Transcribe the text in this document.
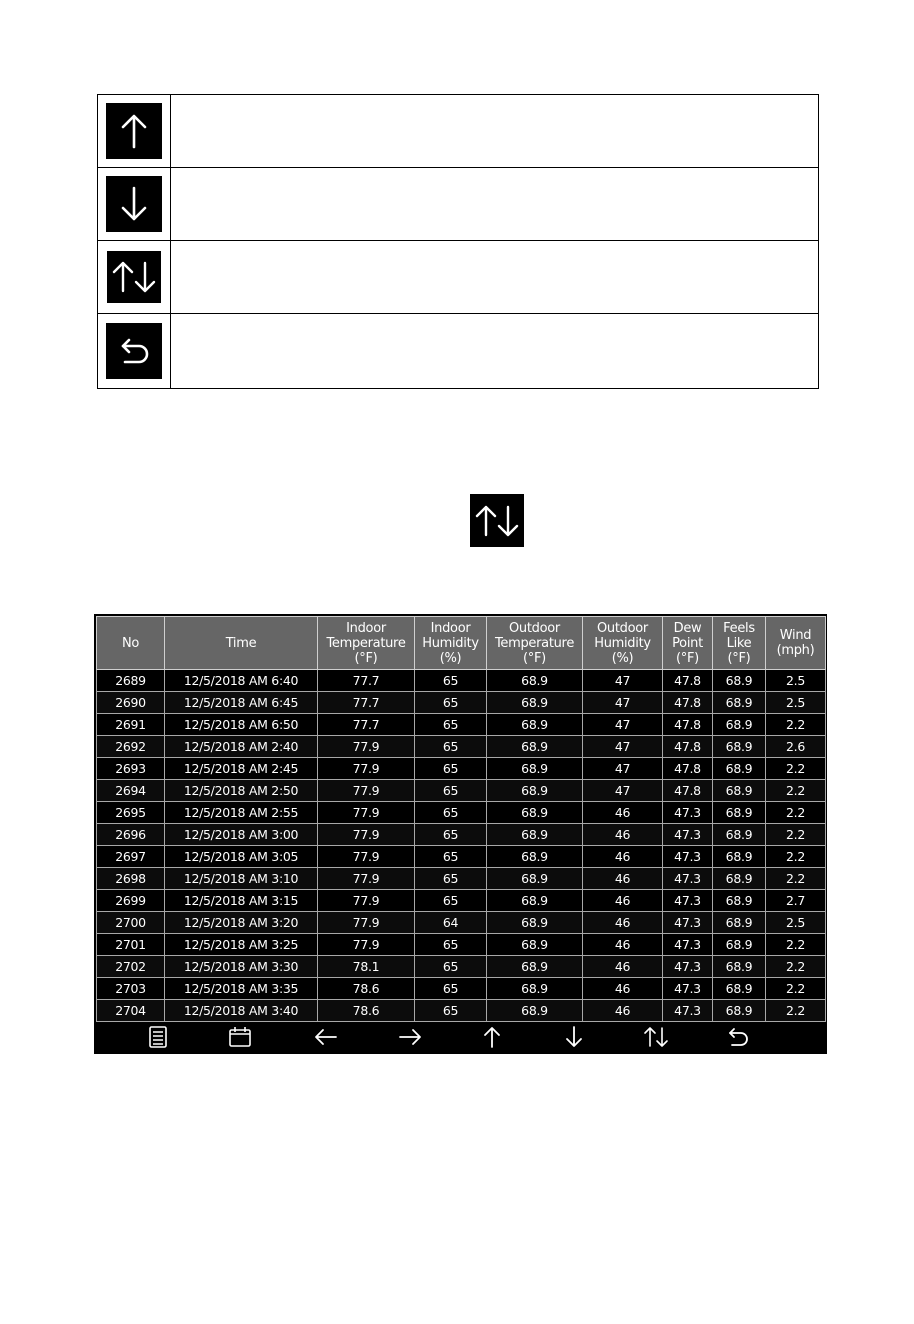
No	Time	Indoor
Temperature
(°F)	Indoor
Humidity
(%)	Outdoor
Temperature
(°F)	Outdoor
Humidity
(%)	Dew
Point
(°F)	Feels
Like
(°F)	Wind
(mph)
2689	12/5/2018 AM 6:40	77.7	65	68.9	47	47.8	68.9	2.5
2690	12/5/2018 AM 6:45	77.7	65	68.9	47	47.8	68.9	2.5
2691	12/5/2018 AM 6:50	77.7	65	68.9	47	47.8	68.9	2.2
2692	12/5/2018 AM 2:40	77.9	65	68.9	47	47.8	68.9	2.6
2693	12/5/2018 AM 2:45	77.9	65	68.9	47	47.8	68.9	2.2
2694	12/5/2018 AM 2:50	77.9	65	68.9	47	47.8	68.9	2.2
2695	12/5/2018 AM 2:55	77.9	65	68.9	46	47.3	68.9	2.2
2696	12/5/2018 AM 3:00	77.9	65	68.9	46	47.3	68.9	2.2
2697	12/5/2018 AM 3:05	77.9	65	68.9	46	47.3	68.9	2.2
2698	12/5/2018 AM 3:10	77.9	65	68.9	46	47.3	68.9	2.2
2699	12/5/2018 AM 3:15	77.9	65	68.9	46	47.3	68.9	2.7
2700	12/5/2018 AM 3:20	77.9	64	68.9	46	47.3	68.9	2.5
2701	12/5/2018 AM 3:25	77.9	65	68.9	46	47.3	68.9	2.2
2702	12/5/2018 AM 3:30	78.1	65	68.9	46	47.3	68.9	2.2
2703	12/5/2018 AM 3:35	78.6	65	68.9	46	47.3	68.9	2.2
2704	12/5/2018 AM 3:40	78.6	65	68.9	46	47.3	68.9	2.2
